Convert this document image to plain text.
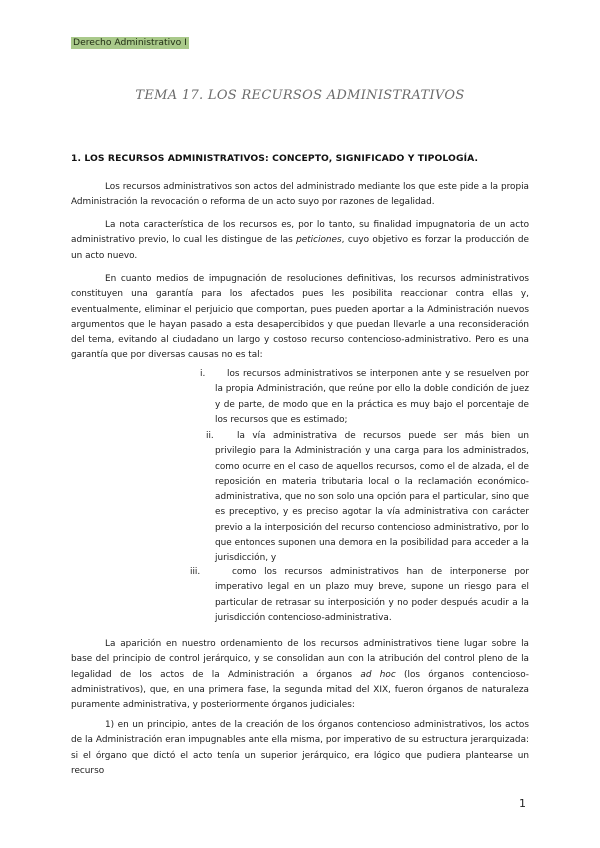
Derecho Administrativo I
TEMA 17. LOS RECURSOS ADMINISTRATIVOS
1. LOS RECURSOS ADMINISTRATIVOS: CONCEPTO, SIGNIFICADO Y TIPOLOGÍA.

Los recursos administrativos son actos del administrado mediante los que este pide a la propia Administración la revocación o reforma de un acto suyo por razones de legalidad.

La nota característica de los recursos es, por lo tanto, su finalidad impugnatoria de un acto administrativo previo, lo cual les distingue de las peticiones, cuyo objetivo es forzar la producción de un acto nuevo.

En cuanto medios de impugnación de resoluciones definitivas, los recursos administrativos constituyen una garantía para los afectados pues les posibilita reaccionar contra ellas y, eventualmente, eliminar el perjuicio que comportan, pues pueden aportar a la Administración nuevos argumentos que le hayan pasado a esta desapercibidos y que puedan llevarle a una reconsideración del tema, evitando al ciudadano un largo y costoso recurso contencioso-administrativo. Pero es una garantía que por diversas causas no es tal:

i.	los recursos administrativos se interponen ante y se resuelven por la propia Administración, que reúne por ello la doble condición de juez y de parte, de modo que en la práctica es muy bajo el porcentaje de los recursos que es estimado;

ii.	la vía administrativa de recursos puede ser más bien un privilegio para la Administración y una carga para los administrados, como ocurre en el caso de aquellos recursos, como el de alzada, el de reposición en materia tributaria local o la reclamación económico-administrativa, que no son solo una opción para el particular, sino que es preceptivo, y es preciso agotar la vía administrativa con carácter previo a la interposición del recurso contencioso administrativo, por lo que entonces suponen una demora en la posibilidad para acceder a la jurisdicción, y

iii.	como los recursos administrativos han de interponerse por imperativo legal en un plazo muy breve, supone un riesgo para el particular de retrasar su interposición y no poder después acudir a la jurisdicción contencioso-administrativa.

La aparición en nuestro ordenamiento de los recursos administrativos tiene lugar sobre la base del principio de control jerárquico, y se consolidan aun con la atribución del control pleno de la legalidad de los actos de la Administración a órganos ad hoc (los órganos contencioso-administrativos), que, en una primera fase, la segunda mitad del XIX, fueron órganos de naturaleza puramente administrativa, y posteriormente órganos judiciales:

1) en un principio, antes de la creación de los órganos contencioso administrativos, los actos de la Administración eran impugnables ante ella misma, por imperativo de su estructura jerarquizada: si el órgano que dictó el acto tenía un superior jerárquico, era lógico que pudiera plantearse un recurso

1
